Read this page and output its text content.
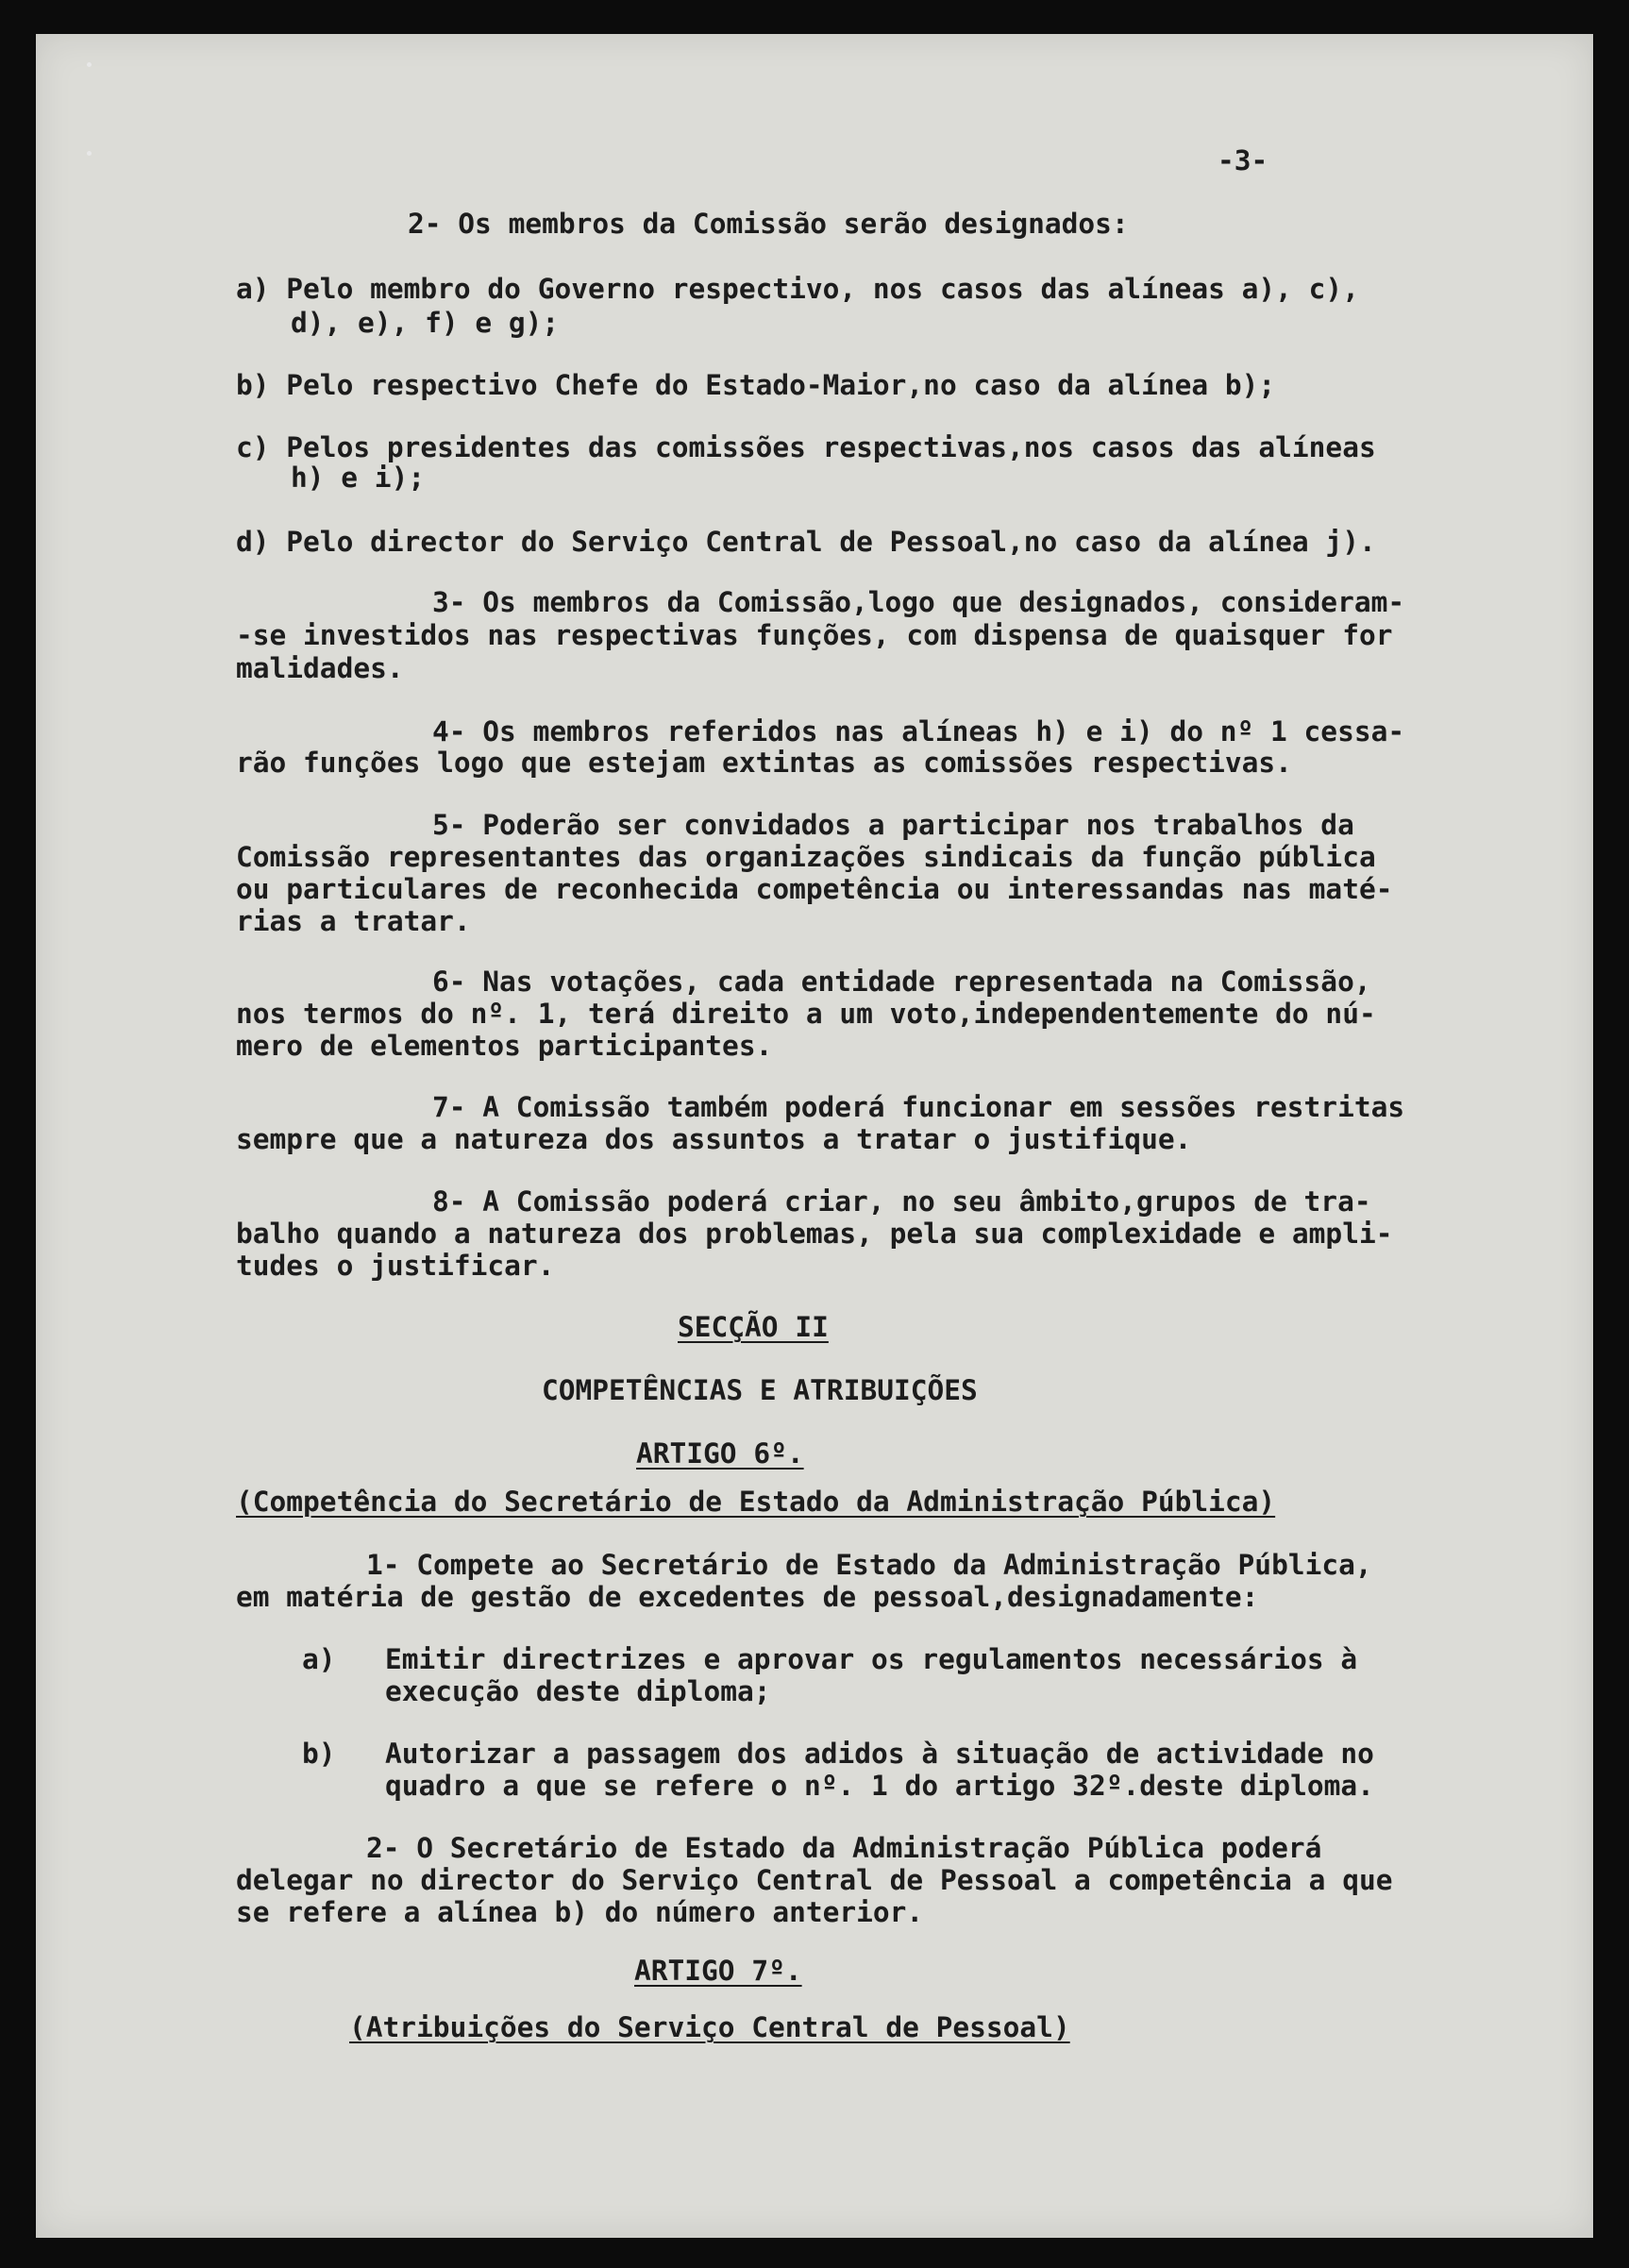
-3-
2- Os membros da Comissão serão designados:
a) Pelo membro do Governo respectivo, nos casos das alíneas a), c),
d), e), f) e g);
b) Pelo respectivo Chefe do Estado-Maior,no caso da alínea b);
c) Pelos presidentes das comissões respectivas,nos casos das alíneas
h) e i);
d) Pelo director do Serviço Central de Pessoal,no caso da alínea j).
3- Os membros da Comissão,logo que designados, consideram-
-se investidos nas respectivas funções, com dispensa de quaisquer for
malidades.
4- Os membros referidos nas alíneas h) e i) do nº 1 cessa-
rão funções logo que estejam extintas as comissões respectivas.
5- Poderão ser convidados a participar nos trabalhos da
Comissão representantes das organizações sindicais da função pública
ou particulares de reconhecida competência ou interessandas nas maté-
rias a tratar.
6- Nas votações, cada entidade representada na Comissão,
nos termos do nº. 1, terá direito a um voto,independentemente do nú-
mero de elementos participantes.
7- A Comissão também poderá funcionar em sessões restritas
sempre que a natureza dos assuntos a tratar o justifique.
8- A Comissão poderá criar, no seu âmbito,grupos de tra-
balho quando a natureza dos problemas, pela sua complexidade e ampli-
tudes o justificar.
SECÇÃO II
COMPETÊNCIAS E ATRIBUIÇÕES
ARTIGO 6º.
(Competência do Secretário de Estado da Administração Pública)
1- Compete ao Secretário de Estado da Administração Pública,
em matéria de gestão de excedentes de pessoal,designadamente:
a) Emitir directrizes e aprovar os regulamentos necessários à
execução deste diploma;
b) Autorizar a passagem dos adidos à situação de actividade no
quadro a que se refere o nº. 1 do artigo 32º.deste diploma.
2- O Secretário de Estado da Administração Pública poderá
delegar no director do Serviço Central de Pessoal a competência a que
se refere a alínea b) do número anterior.
ARTIGO 7º.
(Atribuições do Serviço Central de Pessoal)
